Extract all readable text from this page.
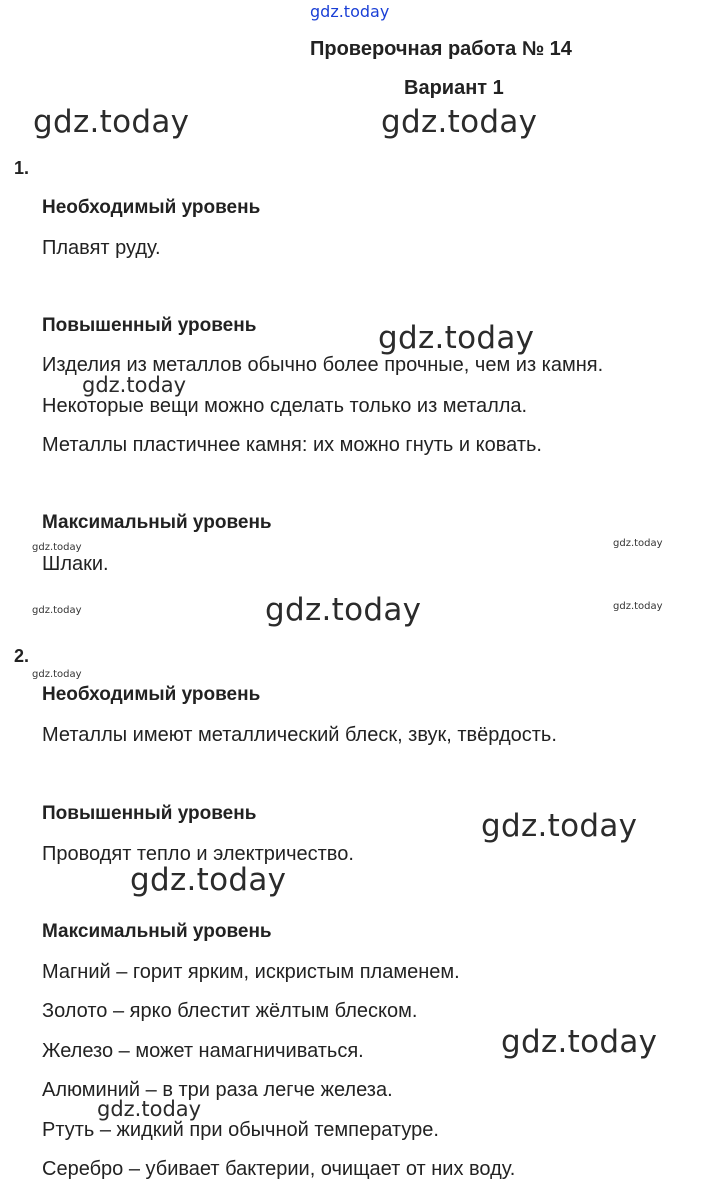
gdz.today
Проверочная работа № 14
Вариант 1
1.
Необходимый уровень
Плавят руду.
Повышенный уровень
Изделия из металлов обычно более прочные, чем из камня.
Некоторые вещи можно сделать только из металла.
Металлы пластичнее камня: их можно гнуть и ковать.
Максимальный уровень
Шлаки.
2.
Необходимый уровень
Металлы имеют металлический блеск, звук, твёрдость.
Повышенный уровень
Проводят тепло и электричество.
Максимальный уровень
Магний – горит ярким, искристым пламенем.
Золото – ярко блестит жёлтым блеском.
Железо – может намагничиваться.
Алюминий – в три раза легче железа.
Ртуть – жидкий при обычной температуре.
Серебро – убивает бактерии, очищает от них воду.
gdz.today	gdz.today
gdz.today
gdz.today
gdz.today	gdz.today
gdz.today
gdz.today	gdz.today
gdz.today
gdz.today
gdz.today
gdz.today
gdz.today
